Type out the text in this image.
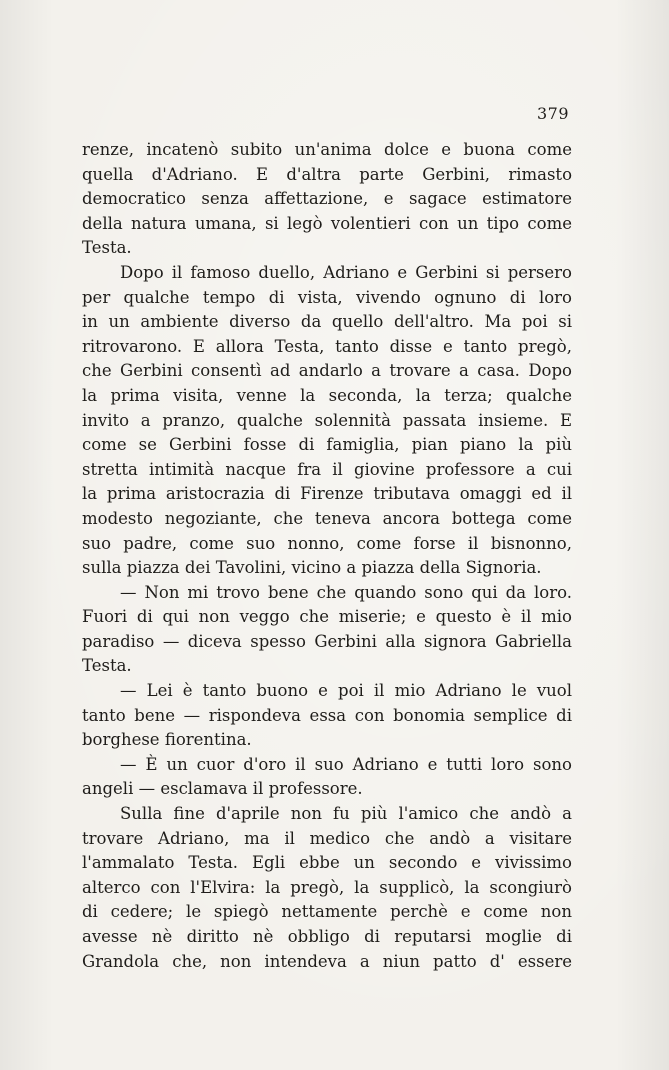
379
renze, incatenò subito un'anima dolce e buona come
quella d'Adriano. E d'altra parte Gerbini, rimasto
democratico senza affettazione, e sagace estimatore
della natura umana, si legò volentieri con un tipo come
Testa.
Dopo il famoso duello, Adriano e Gerbini si persero
per qualche tempo di vista, vivendo ognuno di loro
in un ambiente diverso da quello dell'altro. Ma poi si
ritrovarono. E allora Testa, tanto disse e tanto pregò,
che Gerbini consentì ad andarlo a trovare a casa. Dopo
la prima visita, venne la seconda, la terza; qualche
invito a pranzo, qualche solennità passata insieme. E
come se Gerbini fosse di famiglia, pian piano la più
stretta intimità nacque fra il giovine professore a cui
la prima aristocrazia di Firenze tributava omaggi ed il
modesto negoziante, che teneva ancora bottega come
suo padre, come suo nonno, come forse il bisnonno,
sulla piazza dei Tavolini, vicino a piazza della Signoria.
— Non mi trovo bene che quando sono qui da loro.
Fuori di qui non veggo che miserie; e questo è il mio
paradiso — diceva spesso Gerbini alla signora Gabriella
Testa.
— Lei è tanto buono e poi il mio Adriano le vuol
tanto bene — rispondeva essa con bonomia semplice di
borghese fiorentina.
— È un cuor d'oro il suo Adriano e tutti loro sono
angeli — esclamava il professore.
Sulla fine d'aprile non fu più l'amico che andò a
trovare Adriano, ma il medico che andò a visitare
l'ammalato Testa. Egli ebbe un secondo e vivissimo
alterco con l'Elvira: la pregò, la supplicò, la scongiurò
di cedere; le spiegò nettamente perchè e come non
avesse nè diritto nè obbligo di reputarsi moglie di
Grandola che, non intendeva a niun patto d' essere
